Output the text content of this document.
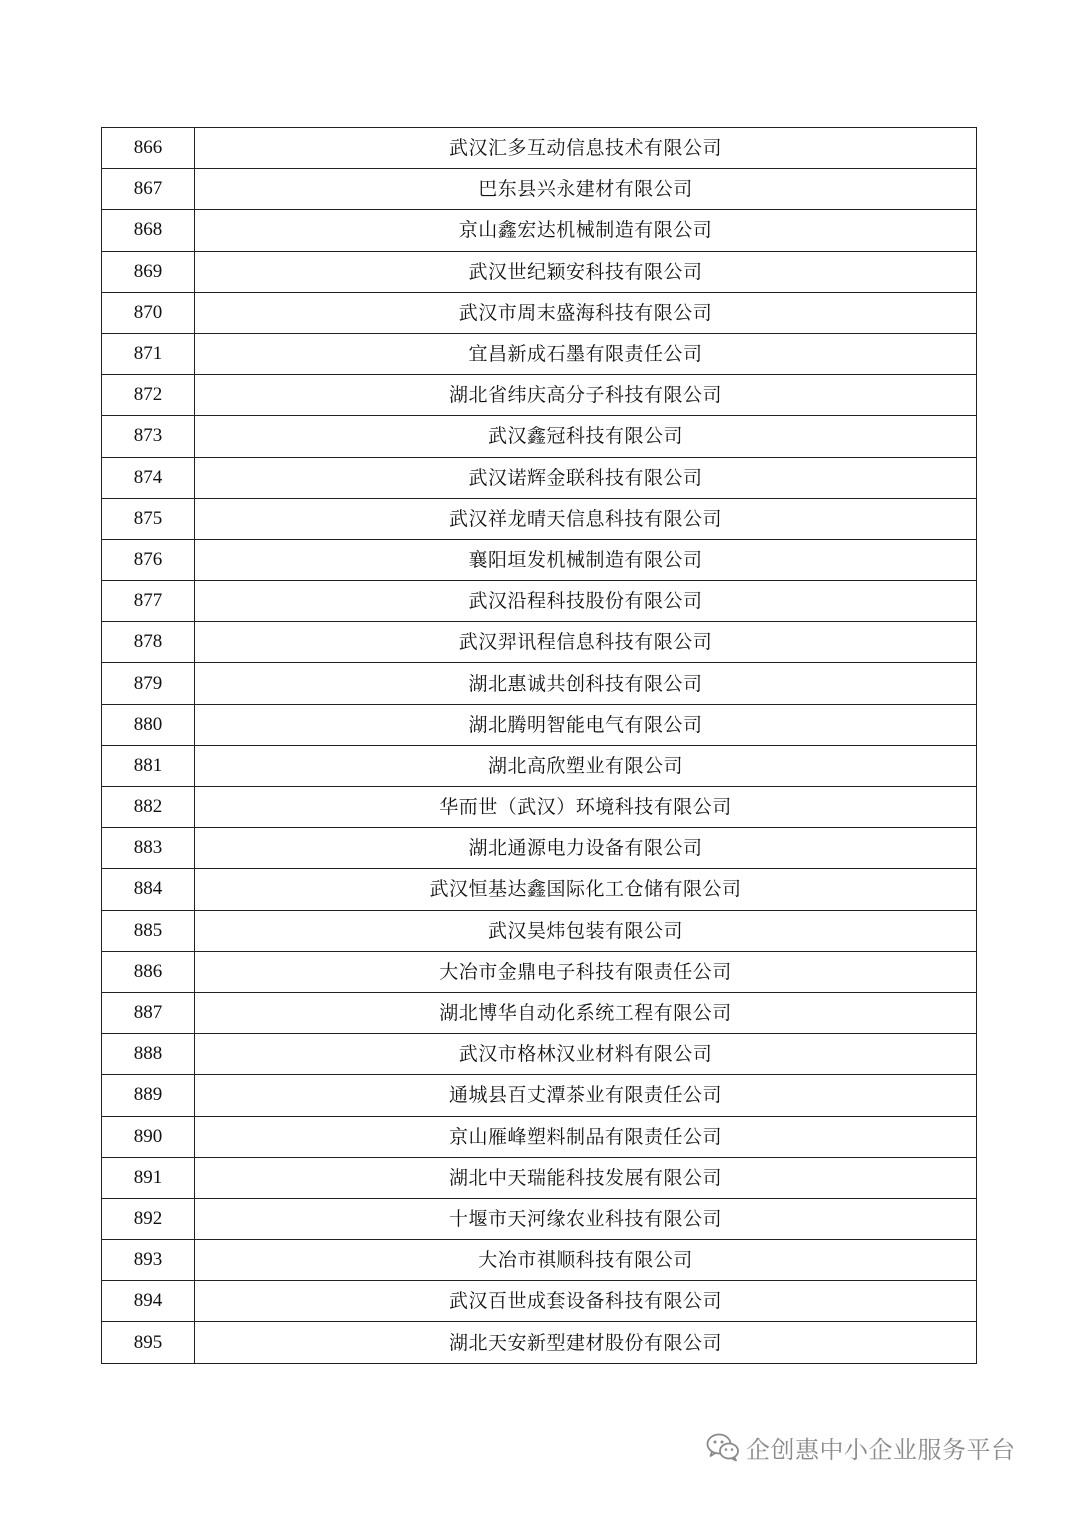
866	武汉汇多互动信息技术有限公司
867	巴东县兴永建材有限公司
868	京山鑫宏达机械制造有限公司
869	武汉世纪颖安科技有限公司
870	武汉市周末盛海科技有限公司
871	宜昌新成石墨有限责任公司
872	湖北省纬庆高分子科技有限公司
873	武汉鑫冠科技有限公司
874	武汉诺辉金联科技有限公司
875	武汉祥龙晴天信息科技有限公司
876	襄阳垣发机械制造有限公司
877	武汉沿程科技股份有限公司
878	武汉羿讯程信息科技有限公司
879	湖北惠诚共创科技有限公司
880	湖北腾明智能电气有限公司
881	湖北高欣塑业有限公司
882	华而世（武汉）环境科技有限公司
883	湖北通源电力设备有限公司
884	武汉恒基达鑫国际化工仓储有限公司
885	武汉昊炜包装有限公司
886	大冶市金鼎电子科技有限责任公司
887	湖北博华自动化系统工程有限公司
888	武汉市格林汉业材料有限公司
889	通城县百丈潭茶业有限责任公司
890	京山雁峰塑料制品有限责任公司
891	湖北中天瑞能科技发展有限公司
892	十堰市天河缘农业科技有限公司
893	大冶市祺顺科技有限公司
894	武汉百世成套设备科技有限公司
895	湖北天安新型建材股份有限公司
企创惠中小企业服务平台
